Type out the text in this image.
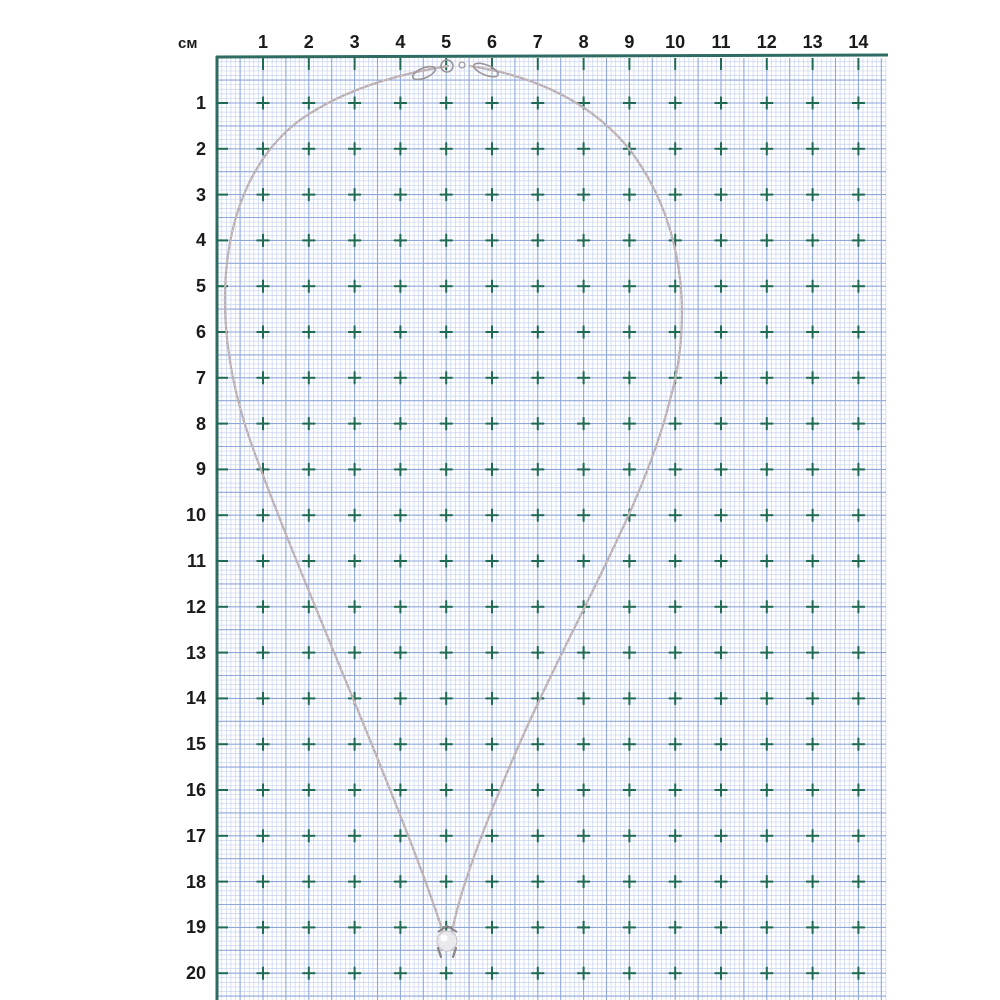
см	1 2 3 4 5 6 7 8 9 10 11 12 13 14
1
2
3
4
5
6
7
8
9
10
11
12
13
14
15
16
17
18
19
20
